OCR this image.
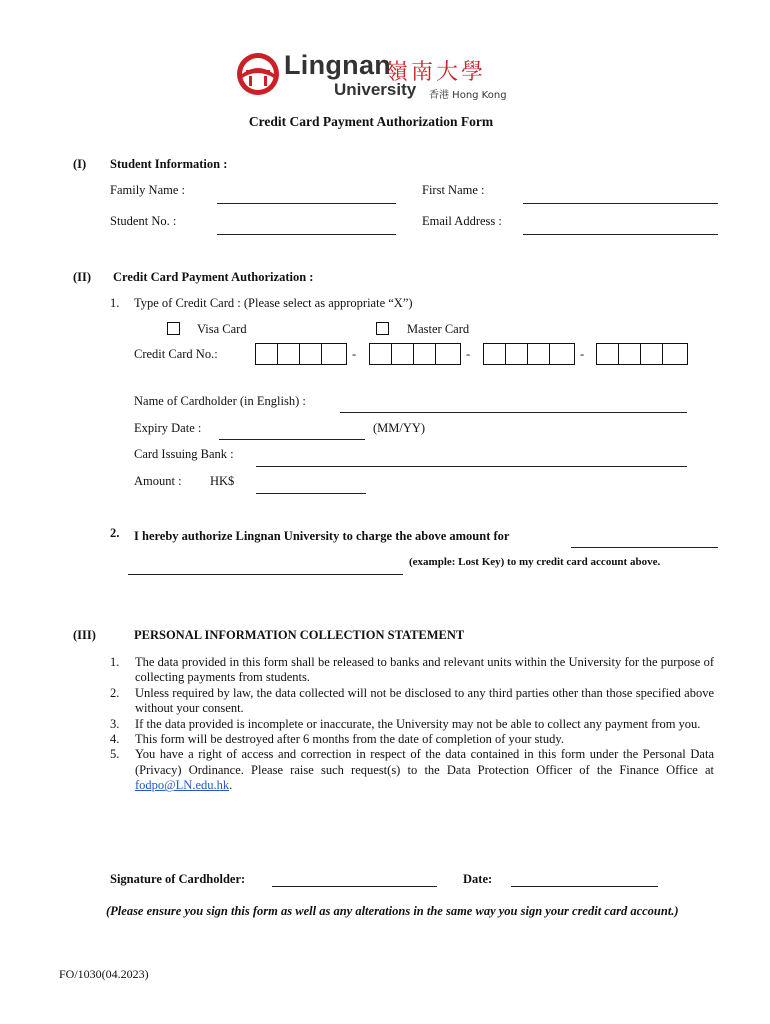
Lingnan
嶺南大學
University 香港 Hong Kong
Credit Card Payment Authorization Form
(I) Student Information :
Family Name :	First Name :
Student No. :	Email Address :
(II) Credit Card Payment Authorization :
1. Type of Credit Card : (Please select as appropriate “X”)
Visa Card	Master Card
Credit Card No.:	-	-	-
Name of Cardholder (in English) :
Expiry Date :	(MM/YY)
Card Issuing Bank :
Amount : HK$
2. I hereby authorize Lingnan University to charge the above amount for
(example: Lost Key) to my credit card account above.
(III)	PERSONAL INFORMATION COLLECTION STATEMENT
1. The data provided in this form shall be released to banks and relevant units within the University for the purpose of collecting payments from students.
2. Unless required by law, the data collected will not be disclosed to any third parties other than those specified above without your consent.
3. If the data provided is incomplete or inaccurate, the University may not be able to collect any payment from you.
4. This form will be destroyed after 6 months from the date of completion of your study.
5. You have a right of access and correction in respect of the data contained in this form under the Personal Data (Privacy) Ordinance. Please raise such request(s) to the Data Protection Officer of the Finance Office at fodpo@LN.edu.hk.
Signature of Cardholder:	Date:
(Please ensure you sign this form as well as any alterations in the same way you sign your credit card account.)
FO/1030(04.2023)
